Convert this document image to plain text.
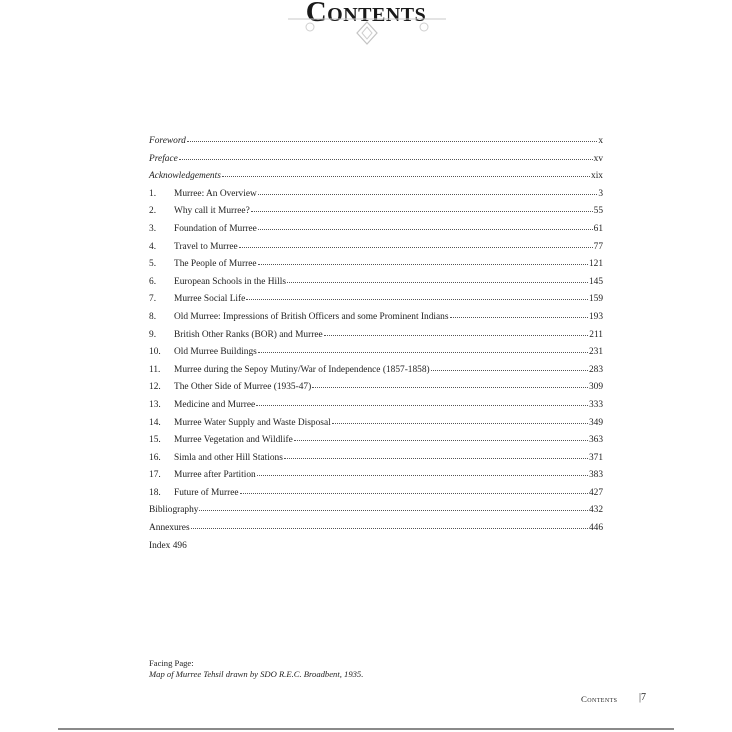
Contents
Foreword	x
Preface	xv
Acknowledgements	xix
1.	Murree: An Overview	3
2.	Why call it Murree?	55
3.	Foundation of Murree	61
4.	Travel to Murree	77
5.	The People of Murree	121
6.	European Schools in the Hills	145
7.	Murree Social Life	159
8.	Old Murree: Impressions of British Officers and some Prominent Indians	193
9.	British Other Ranks (BOR) and Murree	211
10.	Old Murree Buildings	231
11.	Murree during the Sepoy Mutiny/War of Independence (1857-1858)	283
12.	The Other Side of Murree (1935-47)	309
13.	Medicine and Murree	333
14.	Murree Water Supply and Waste Disposal	349
15.	Murree Vegetation and Wildlife	363
16.	Simla and other Hill Stations	371
17.	Murree after Partition	383
18.	Future of Murree	427
Bibliography	432
Annexures	446
Index 496
Facing Page:
Map of Murree Tehsil drawn by SDO R.E.C. Broadbent, 1935.
Contents |7
